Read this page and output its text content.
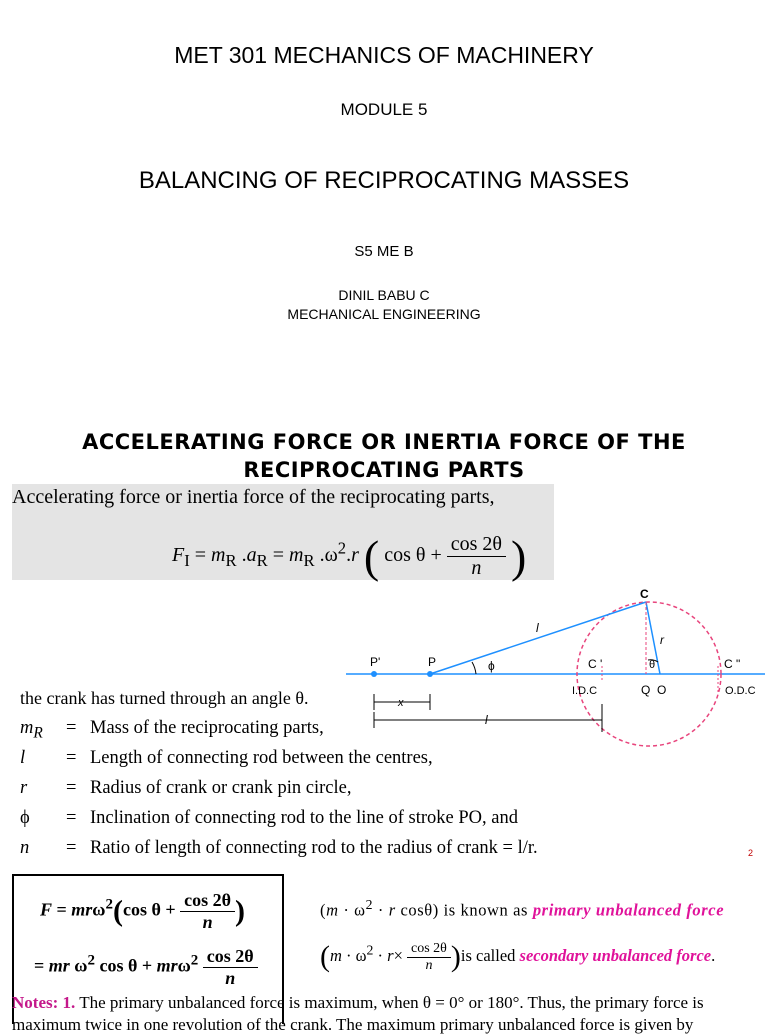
MET 301 MECHANICS OF MACHINERY
MODULE 5
BALANCING OF RECIPROCATING MASSES
S5 ME B
DINIL BABU C
MECHANICAL ENGINEERING
ACCELERATING FORCE OR INERTIA FORCE OF THE
RECIPROCATING PARTS
Accelerating force or inertia force of the reciprocating parts,
$F_I = m_R$ $.a_R = m_R$ $.\omega^2.r$ ( $\cos \theta + \frac{\cos 2\theta}{n}$ )
C
l
r
P'	P	ϕ	C '	θ	C "
I.D.C	Q O	O.D.C
x
l
the crank has turned through an angle θ.
$m_R$ = Mass of the reciprocating parts,
l = Length of connecting rod between the centres,
r = Radius of crank or crank pin circle,
ϕ = Inclination of connecting rod to the line of stroke PO, and
n = Ratio of length of connecting rod to the radius of crank = l/r.	2
F = mrω$^2$(cos $\theta + \frac{\cos 2\theta}{n}$ )
= mr $\omega^2$ $\cos \theta + mr\omega^2 \frac{\cos 2\theta}{n}$
($m \cdot \omega^2 \cdot r$ cosθ) is known as primary unbalanced force
$(m \cdot \omega^2 \cdot r\times \frac{\cos 2\theta}{n} )is$ called secondary unbalanced force.
Notes: 1. The primary unbalanced force is maximum, when θ = 0° or 180°. Thus, the primary force is maximum twice in one revolution of the crank. The maximum primary unbalanced force is given by
